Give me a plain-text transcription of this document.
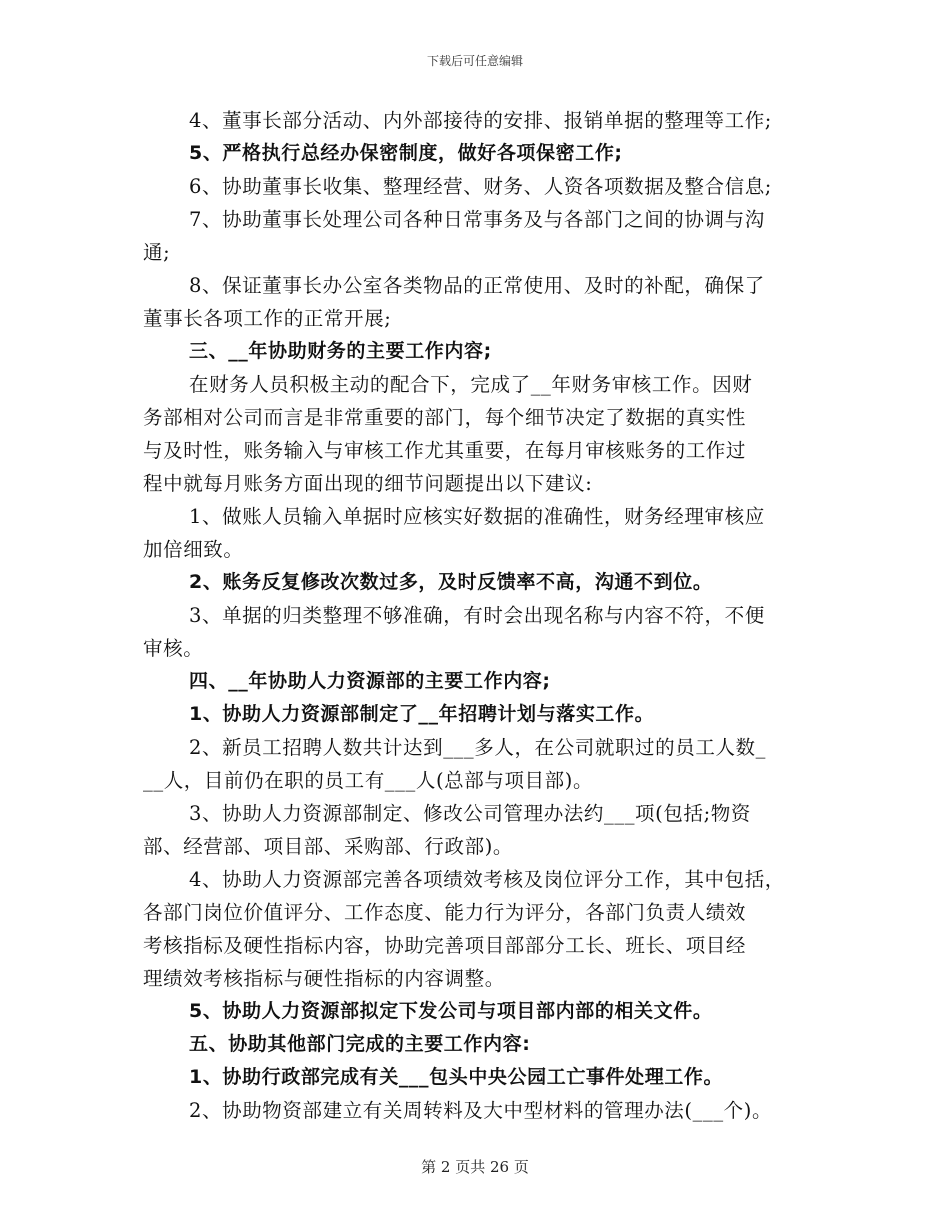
下载后可任意编辑
4、董事长部分活动、内外部接待的安排、报销单据的整理等工作;
5、严格执行总经办保密制度，做好各项保密工作;
6、协助董事长收集、整理经营、财务、人资各项数据及整合信息;
7、协助董事长处理公司各种日常事务及与各部门之间的协调与沟
通;
8、保证董事长办公室各类物品的正常使用、及时的补配，确保了
董事长各项工作的正常开展;
三、__年协助财务的主要工作内容;
在财务人员积极主动的配合下，完成了__年财务审核工作。因财
务部相对公司而言是非常重要的部门，每个细节决定了数据的真实性
与及时性，账务输入与审核工作尤其重要，在每月审核账务的工作过
程中就每月账务方面出现的细节问题提出以下建议:
1、做账人员输入单据时应核实好数据的准确性，财务经理审核应
加倍细致。
2、账务反复修改次数过多，及时反馈率不高，沟通不到位。
3、单据的归类整理不够准确，有时会出现名称与内容不符，不便
审核。
四、__年协助人力资源部的主要工作内容;
1、协助人力资源部制定了__年招聘计划与落实工作。
2、新员工招聘人数共计达到___多人，在公司就职过的员工人数_
__人，目前仍在职的员工有___人(总部与项目部)。
3、协助人力资源部制定、修改公司管理办法约___项(包括;物资
部、经营部、项目部、采购部、行政部)。
4、协助人力资源部完善各项绩效考核及岗位评分工作，其中包括，
各部门岗位价值评分、工作态度、能力行为评分，各部门负责人绩效
考核指标及硬性指标内容，协助完善项目部部分工长、班长、项目经
理绩效考核指标与硬性指标的内容调整。
5、协助人力资源部拟定下发公司与项目部内部的相关文件。
五、协助其他部门完成的主要工作内容:
1、协助行政部完成有关___包头中央公园工亡事件处理工作。
2、协助物资部建立有关周转料及大中型材料的管理办法(___个)。
第 2 页共 26 页
